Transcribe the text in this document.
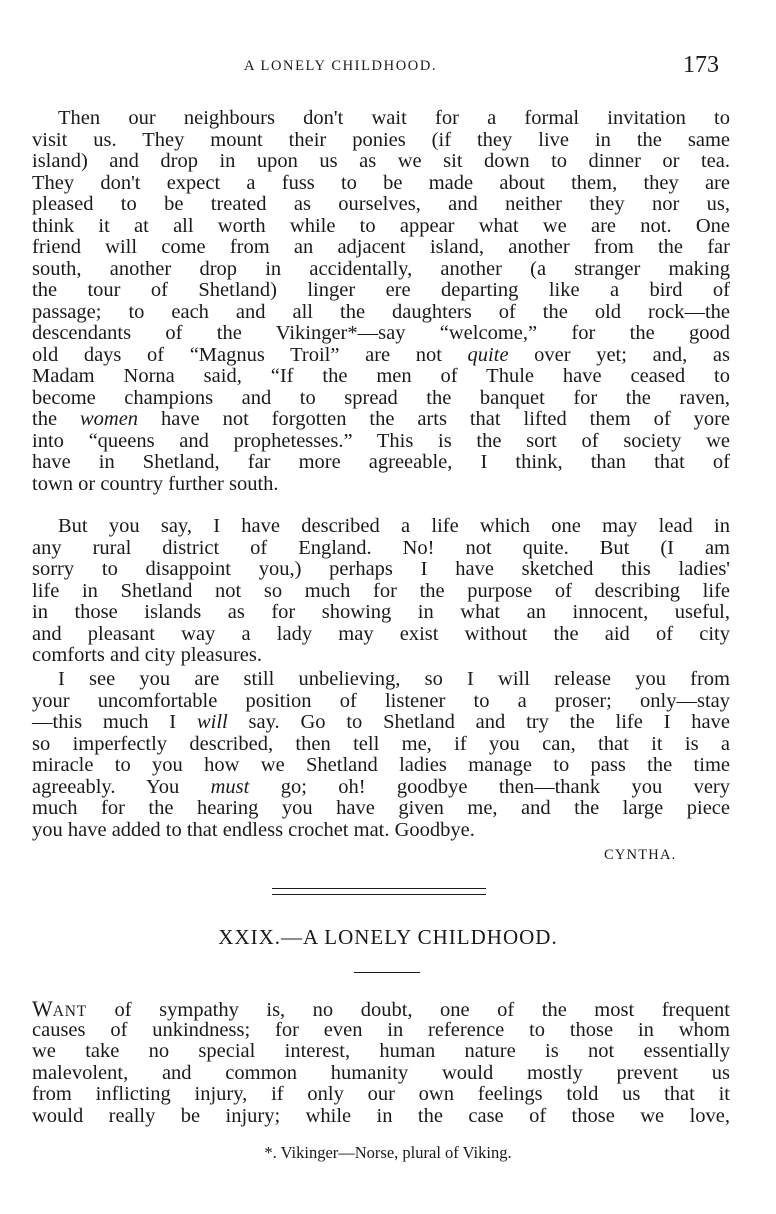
A LONELY CHILDHOOD.	173
Then our neighbours don't wait for a formal invitation to
visit us. They mount their ponies (if they live in the same
island) and drop in upon us as we sit down to dinner or tea.
They don't expect a fuss to be made about them, they are
pleased to be treated as ourselves, and neither they nor us,
think it at all worth while to appear what we are not. One
friend will come from an adjacent island, another from the far
south, another drop in accidentally, another (a stranger making
the tour of Shetland) linger ere departing like a bird of
passage; to each and all the daughters of the old rock—the
descendants of the Vikinger*—say “welcome,” for the good
old days of “Magnus Troil” are not quite over yet; and, as
Madam Norna said, “If the men of Thule have ceased to
become champions and to spread the banquet for the raven,
the women have not forgotten the arts that lifted them of yore
into “queens and prophetesses.” This is the sort of society we
have in Shetland, far more agreeable, I think, than that of
town or country further south.
But you say, I have described a life which one may lead in
any rural district of England. No! not quite. But (I am
sorry to disappoint you,) perhaps I have sketched this ladies'
life in Shetland not so much for the purpose of describing life
in those islands as for showing in what an innocent, useful,
and pleasant way a lady may exist without the aid of city
comforts and city pleasures.
I see you are still unbelieving, so I will release you from
your uncomfortable position of listener to a proser; only—stay
—this much I will say. Go to Shetland and try the life I have
so imperfectly described, then tell me, if you can, that it is a
miracle to you how we Shetland ladies manage to pass the time
agreeably. You must go; oh! goodbye then—thank you very
much for the hearing you have given me, and the large piece
you have added to that endless crochet mat. Goodbye.
CYNTHA.
XXIX.—A LONELY CHILDHOOD.
WANT of sympathy is, no doubt, one of the most frequent
causes of unkindness; for even in reference to those in whom
we take no special interest, human nature is not essentially
malevolent, and common humanity would mostly prevent us
from inflicting injury, if only our own feelings told us that it
would really be injury; while in the case of those we love,
*. Vikinger—Norse, plural of Viking.
